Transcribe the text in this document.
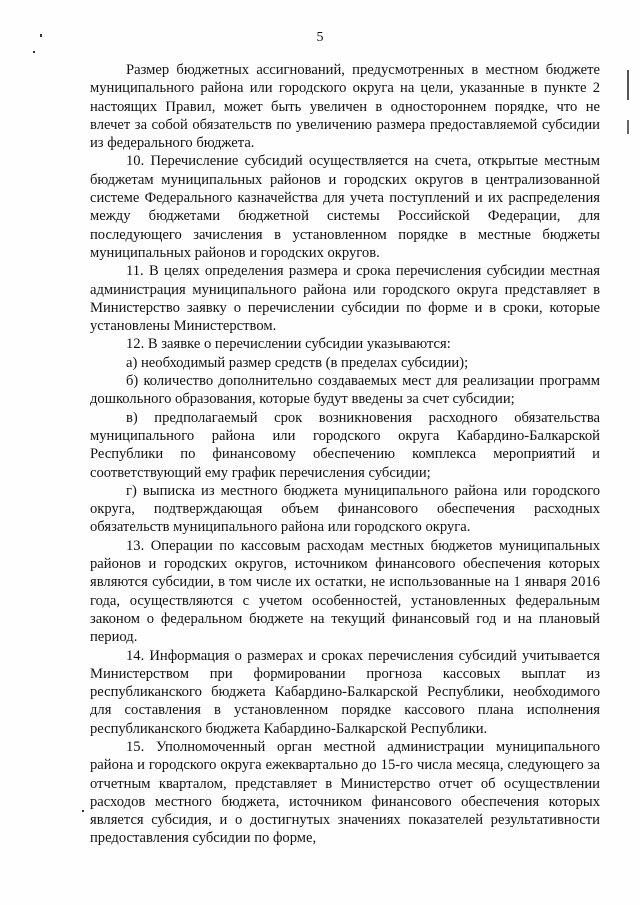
5

Размер бюджетных ассигнований, предусмотренных в местном бюджете муниципального района или городского округа на цели, указанные в пункте 2 настоящих Правил, может быть увеличен в одностороннем порядке, что не влечет за собой обязательств по увеличению размера предоставляемой субсидии из федерального бюджета.

10. Перечисление субсидий осуществляется на счета, открытые местным бюджетам муниципальных районов и городских округов в централизованной системе Федерального казначейства для учета поступлений и их распределения между бюджетами бюджетной системы Российской Федерации, для последующего зачисления в установленном порядке в местные бюджеты муниципальных районов и городских округов.

11. В целях определения размера и срока перечисления субсидии местная администрация муниципального района или городского округа представляет в Министерство заявку о перечислении субсидии по форме и в сроки, которые установлены Министерством.

12. В заявке о перечислении субсидии указываются:

а) необходимый размер средств (в пределах субсидии);

б) количество дополнительно создаваемых мест для реализации программ дошкольного образования, которые будут введены за счет субсидии;

в) предполагаемый срок возникновения расходного обязательства муниципального района или городского округа Кабардино-Балкарской Республики по финансовому обеспечению комплекса мероприятий и соответствующий ему график перечисления субсидии;

г) выписка из местного бюджета муниципального района или городского округа, подтверждающая объем финансового обеспечения расходных обязательств муниципального района или городского округа.

13. Операции по кассовым расходам местных бюджетов муниципальных районов и городских округов, источником финансового обеспечения которых являются субсидии, в том числе их остатки, не использованные на 1 января 2016 года, осуществляются с учетом особенностей, установленных федеральным законом о федеральном бюджете на текущий финансовый год и на плановый период.

14. Информация о размерах и сроках перечисления субсидий учитывается Министерством при формировании прогноза кассовых выплат из республиканского бюджета Кабардино-Балкарской Республики, необходимого для составления в установленном порядке кассового плана исполнения республиканского бюджета Кабардино-Балкарской Республики.

15. Уполномоченный орган местной администрации муниципального района и городского округа ежеквартально до 15-го числа месяца, следующего за отчетным кварталом, представляет в Министерство отчет об осуществлении расходов местного бюджета, источником финансового обеспечения которых является субсидия, и о достигнутых значениях показателей результативности предоставления субсидии по форме,
